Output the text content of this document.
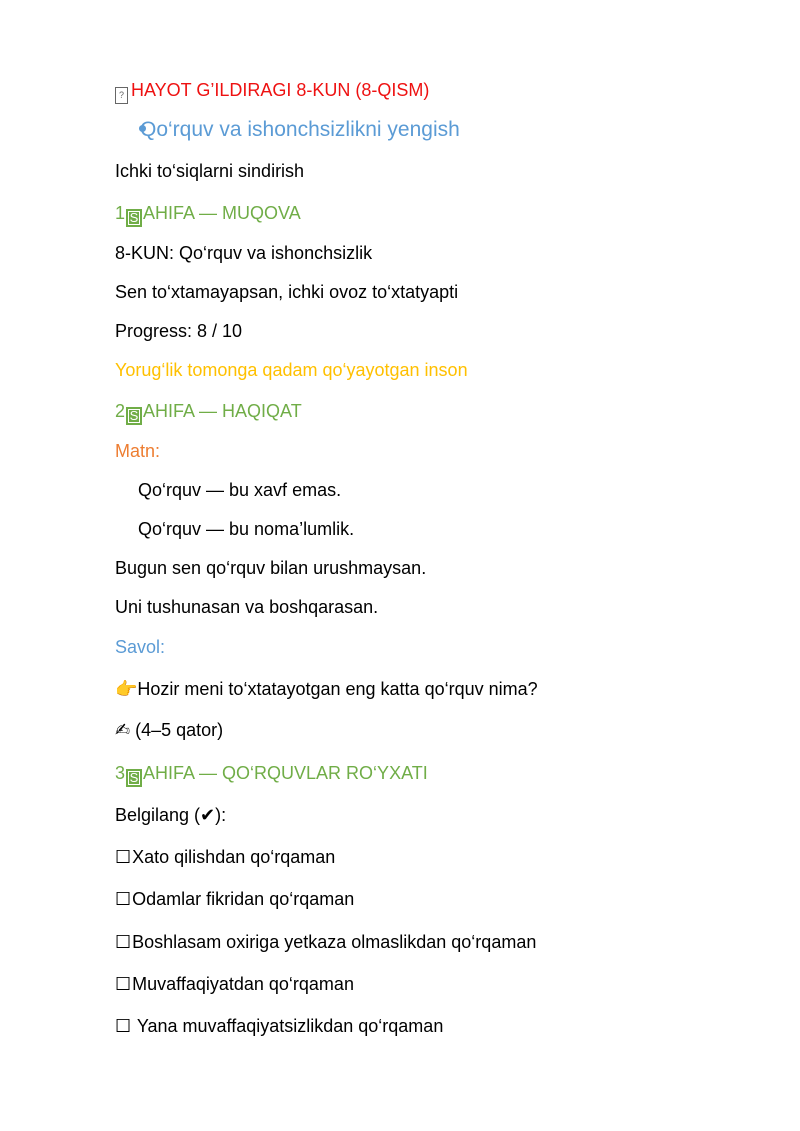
? HAYOT G’ILDIRAGI 8-KUN (8-QISM)
Qo‘rquv va ishonchsizlikni yengish
Ichki to‘siqlarni sindirish
1 S AHIFA — MUQOVA
8-KUN: Qo‘rquv va ishonchsizlik
Sen to‘xtamayapsan, ichki ovoz to‘xtatyapti
Progress: 8 / 10
Yorug‘lik tomonga qadam qo‘yayotgan inson
2 S AHIFA — HAQIQAT
Matn:
Qo‘rquv — bu xavf emas.
Qo‘rquv — bu noma’lumlik.
Bugun sen qo‘rquv bilan urushmaysan.
Uni tushunasan va boshqarasan.
Savol:
👉Hozir meni to‘xtatayotgan eng katta qo‘rquv nima?
✍ (4–5 qator)
3 S AHIFA — QO‘RQUVLAR RO‘YXATI
Belgilang (✔):
☐Xato qilishdan qo‘rqaman
☐Odamlar fikridan qo‘rqaman
☐Boshlasam oxiriga yetkaza olmaslikdan qo‘rqaman
☐Muvaffaqiyatdan qo‘rqaman
☐ Yana muvaffaqiyatsizlikdan qo‘rqaman
